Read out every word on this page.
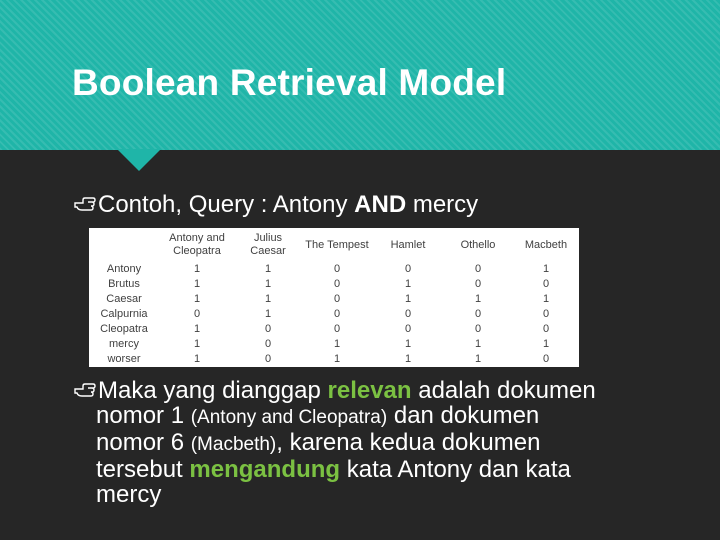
Boolean Retrieval Model
Contoh, Query : Antony AND mercy
	Antony and Cleopatra	Julius Caesar	The Tempest	Hamlet	Othello	Macbeth
Antony	1	1	0	0	0	1
Brutus	1	1	0	1	0	0
Caesar	1	1	0	1	1	1
Calpurnia	0	1	0	0	0	0
Cleopatra	1	0	0	0	0	0
mercy	1	0	1	1	1	1
worser	1	0	1	1	1	0
Maka yang dianggap relevan adalah dokumen
nomor 1 (Antony and Cleopatra) dan dokumen
nomor 6 (Macbeth), karena kedua dokumen
tersebut mengandung kata Antony dan kata
mercy
